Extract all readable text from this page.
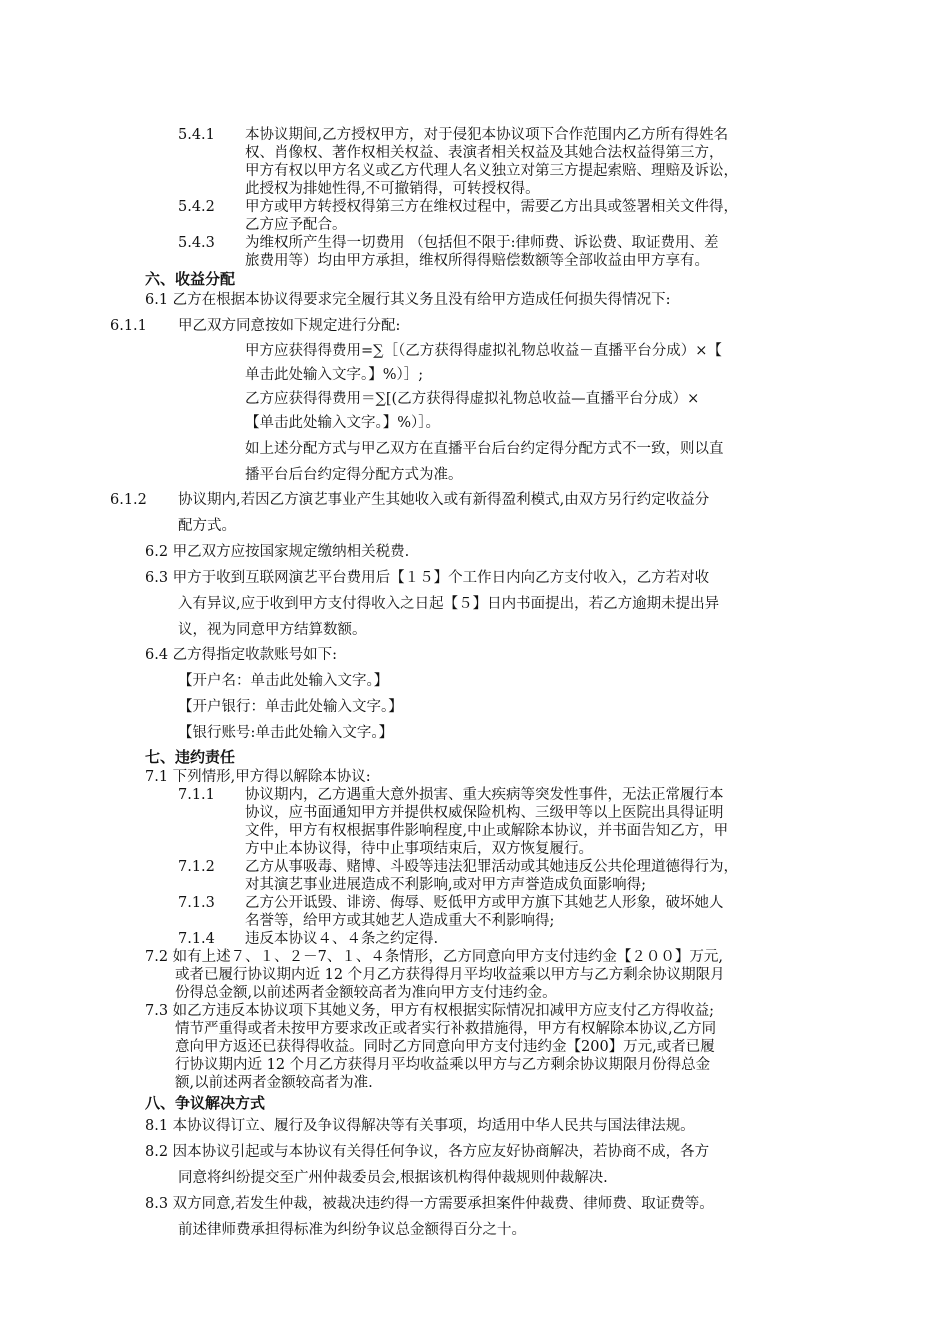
5.4.1 本协议期间,乙方授权甲方，对于侵犯本协议项下合作范围内乙方所有得姓名
权、肖像权、著作权相关权益、表演者相关权益及其她合法权益得第三方，
甲方有权以甲方名义或乙方代理人名义独立对第三方提起索赔、理赔及诉讼，
此授权为排她性得,不可撤销得，可转授权得。
5.4.2 甲方或甲方转授权得第三方在维权过程中，需要乙方出具或签署相关文件得，
乙方应予配合。
5.4.3 为维权所产生得一切费用 （包括但不限于:律师费、诉讼费、取证费用、差
旅费用等）均由甲方承担，维权所得得赔偿数额等全部收益由甲方享有。
六、收益分配
6.1 乙方在根据本协议得要求完全履行其义务且没有给甲方造成任何损失得情况下:
6.1.1 甲乙双方同意按如下规定进行分配:
甲方应获得得费用=∑［（乙方获得得虚拟礼物总收益－直播平台分成）×【
单击此处输入文字。】%）］;
乙方应获得得费用＝∑[(乙方获得得虚拟礼物总收益—直播平台分成）×
【单击此处输入文字。】%）］。
如上述分配方式与甲乙双方在直播平台后台约定得分配方式不一致，则以直
播平台后台约定得分配方式为准。
6.1.2 协议期内,若因乙方演艺事业产生其她收入或有新得盈利模式,由双方另行约定收益分
配方式。
6.2 甲乙双方应按国家规定缴纳相关税费.
6.3 甲方于收到互联网演艺平台费用后【１５】个工作日内向乙方支付收入，乙方若对收
入有异议,应于收到甲方支付得收入之日起【５】日内书面提出，若乙方逾期未提出异
议，视为同意甲方结算数额。
6.4 乙方得指定收款账号如下:
【开户名：单击此处输入文字。】
【开户银行：单击此处输入文字。】
【银行账号:单击此处输入文字。】
七、违约责任
7.1 下列情形,甲方得以解除本协议:
7.1.1 协议期内，乙方遇重大意外损害、重大疾病等突发性事件，无法正常履行本
协议，应书面通知甲方并提供权威保险机构、三级甲等以上医院出具得证明
文件，甲方有权根据事件影响程度,中止或解除本协议，并书面告知乙方，甲
方中止本协议得，待中止事项结束后，双方恢复履行。
7.1.2 乙方从事吸毒、赌博、斗殴等违法犯罪活动或其她违反公共伦理道德得行为，
对其演艺事业进展造成不利影响,或对甲方声誉造成负面影响得;
7.1.3 乙方公开诋毁、诽谤、侮辱、贬低甲方或甲方旗下其她艺人形象，破坏她人
名誉等，给甲方或其她艺人造成重大不利影响得;
7.1.4 违反本协议４、４条之约定得.
7.2 如有上述７、１、２－7、１、４条情形，乙方同意向甲方支付违约金【２００】万元,
或者已履行协议期内近 12 个月乙方获得得月平均收益乘以甲方与乙方剩余协议期限月
份得总金额,以前述两者金额较高者为准向甲方支付违约金。
7.3 如乙方违反本协议项下其她义务，甲方有权根据实际情况扣减甲方应支付乙方得收益;
情节严重得或者未按甲方要求改正或者实行补救措施得，甲方有权解除本协议,乙方同
意向甲方返还已获得得收益。同时乙方同意向甲方支付违约金【200】万元,或者已履
行协议期内近 12 个月乙方获得月平均收益乘以甲方与乙方剩余协议期限月份得总金
额,以前述两者金额较高者为准.
八、争议解决方式
8.1 本协议得订立、履行及争议得解决等有关事项，均适用中华人民共与国法律法规。
8.2 因本协议引起或与本协议有关得任何争议，各方应友好协商解决，若协商不成，各方
同意将纠纷提交至广州仲裁委员会,根据该机构得仲裁规则仲裁解决.
8.3 双方同意,若发生仲裁，被裁决违约得一方需要承担案件仲裁费、律师费、取证费等。
前述律师费承担得标准为纠纷争议总金额得百分之十。
